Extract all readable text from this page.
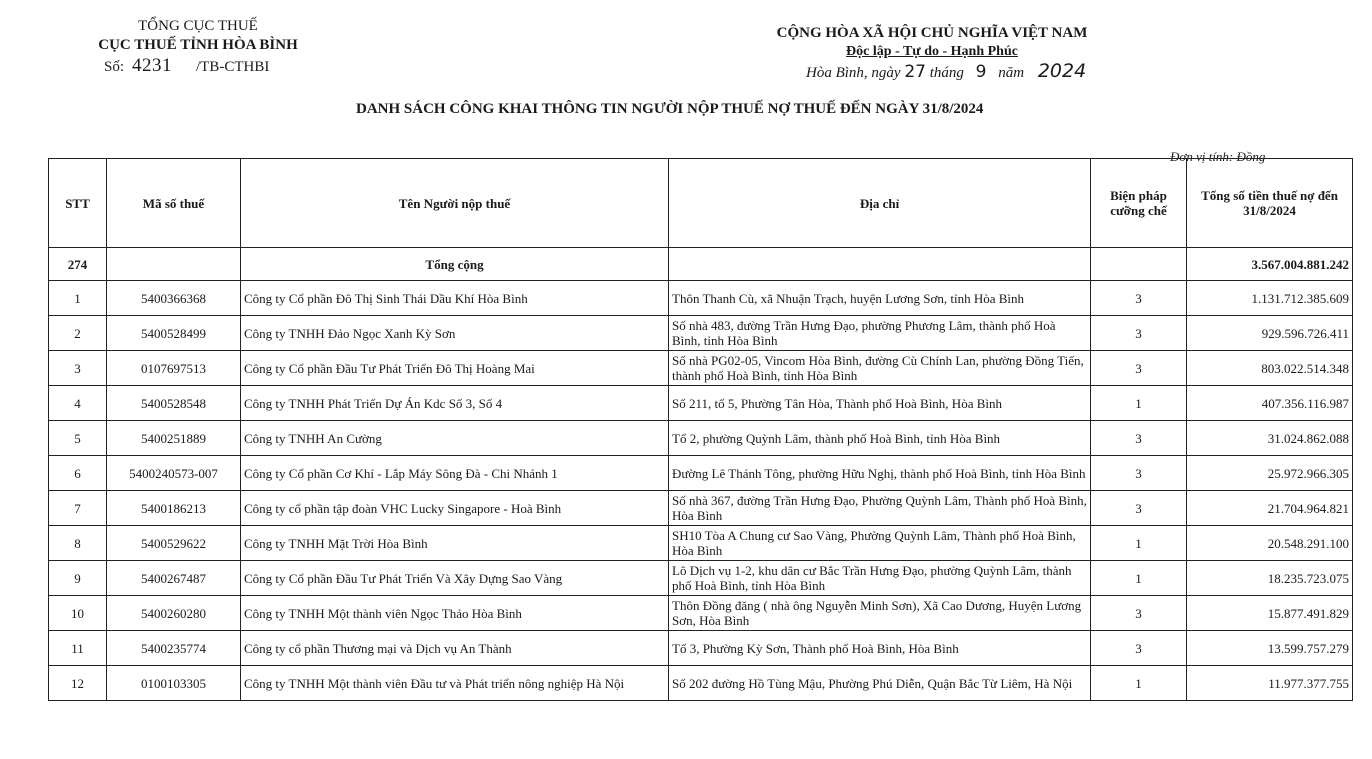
TỔNG CỤC THUẾ
CỤC THUẾ TỈNH HÒA BÌNH
Số: 4231 /TB-CTHBI
CỘNG HÒA XÃ HỘI CHỦ NGHĨA VIỆT NAM
Độc lập - Tự do - Hạnh Phúc
Hòa Bình, ngày 27 tháng 9 năm 2024
DANH SÁCH CÔNG KHAI THÔNG TIN NGƯỜI NỘP THUẾ NỢ THUẾ ĐẾN NGÀY 31/8/2024
Đơn vị tính: Đồng
STT	Mã số thuế	Tên Người nộp thuế	Địa chỉ	Biện pháp cưỡng chế	Tổng số tiền thuế nợ đến 31/8/2024
274		Tổng cộng			3.567.004.881.242
1	5400366368	Công ty Cổ phần Đô Thị Sinh Thái Dầu Khí Hòa Bình	Thôn Thanh Cù, xã Nhuận Trạch, huyện Lương Sơn, tỉnh Hòa Bình	3	1.131.712.385.609
2	5400528499	Công ty TNHH Đảo Ngọc Xanh Kỳ Sơn	Số nhà 483, đường Trần Hưng Đạo, phường Phương Lâm, thành phố Hoà Bình, tỉnh Hòa Bình	3	929.596.726.411
3	0107697513	Công ty Cổ phần Đầu Tư Phát Triển Đô Thị Hoàng Mai	Số nhà PG02-05, Vincom Hòa Bình, đường Cù Chính Lan, phường Đồng Tiến, thành phố Hoà Bình, tỉnh Hòa Bình	3	803.022.514.348
4	5400528548	Công ty TNHH Phát Triển Dự Án Kdc Số 3, Số 4	Số 211, tổ 5, Phường Tân Hòa, Thành phố Hoà Bình, Hòa Bình	1	407.356.116.987
5	5400251889	Công ty TNHH An Cường	Tổ 2, phường Quỳnh Lâm, thành phố Hoà Bình, tỉnh Hòa Bình	3	31.024.862.088
6	5400240573-007	Công ty Cổ phần Cơ Khí - Lắp Máy Sông Đà - Chi Nhánh 1	Đường Lê Thánh Tông, phường Hữu Nghị, thành phố Hoà Bình, tỉnh Hòa Bình	3	25.972.966.305
7	5400186213	Công ty cổ phần tập đoàn VHC Lucky Singapore - Hoà Bình	Số nhà 367, đường Trần Hưng Đạo, Phường Quỳnh Lâm, Thành phố Hoà Bình, Hòa Bình	3	21.704.964.821
8	5400529622	Công ty TNHH Mặt Trời Hòa Bình	SH10 Tòa A Chung cư Sao Vàng, Phường Quỳnh Lâm, Thành phố Hoà Bình, Hòa Bình	1	20.548.291.100
9	5400267487	Công ty Cổ phần Đầu Tư Phát Triển Và Xây Dựng Sao Vàng	Lô Dịch vụ 1-2, khu dân cư Bắc Trần Hưng Đạo, phường Quỳnh Lâm, thành phố Hoà Bình, tỉnh Hòa Bình	1	18.235.723.075
10	5400260280	Công ty TNHH Một thành viên Ngọc Thảo Hòa Bình	Thôn Đồng đăng ( nhà ông Nguyễn Minh Sơn), Xã Cao Dương, Huyện Lương Sơn, Hòa Bình	3	15.877.491.829
11	5400235774	Công ty cổ phần Thương mại và Dịch vụ An Thành	Tổ 3, Phường Kỳ Sơn, Thành phố Hoà Bình, Hòa Bình	3	13.599.757.279
12	0100103305	Công ty TNHH Một thành viên Đầu tư và Phát triển nông nghiệp Hà Nội	Số 202 đường Hồ Tùng Mậu, Phường Phú Diễn, Quận Bắc Từ Liêm, Hà Nội	1	11.977.377.755
